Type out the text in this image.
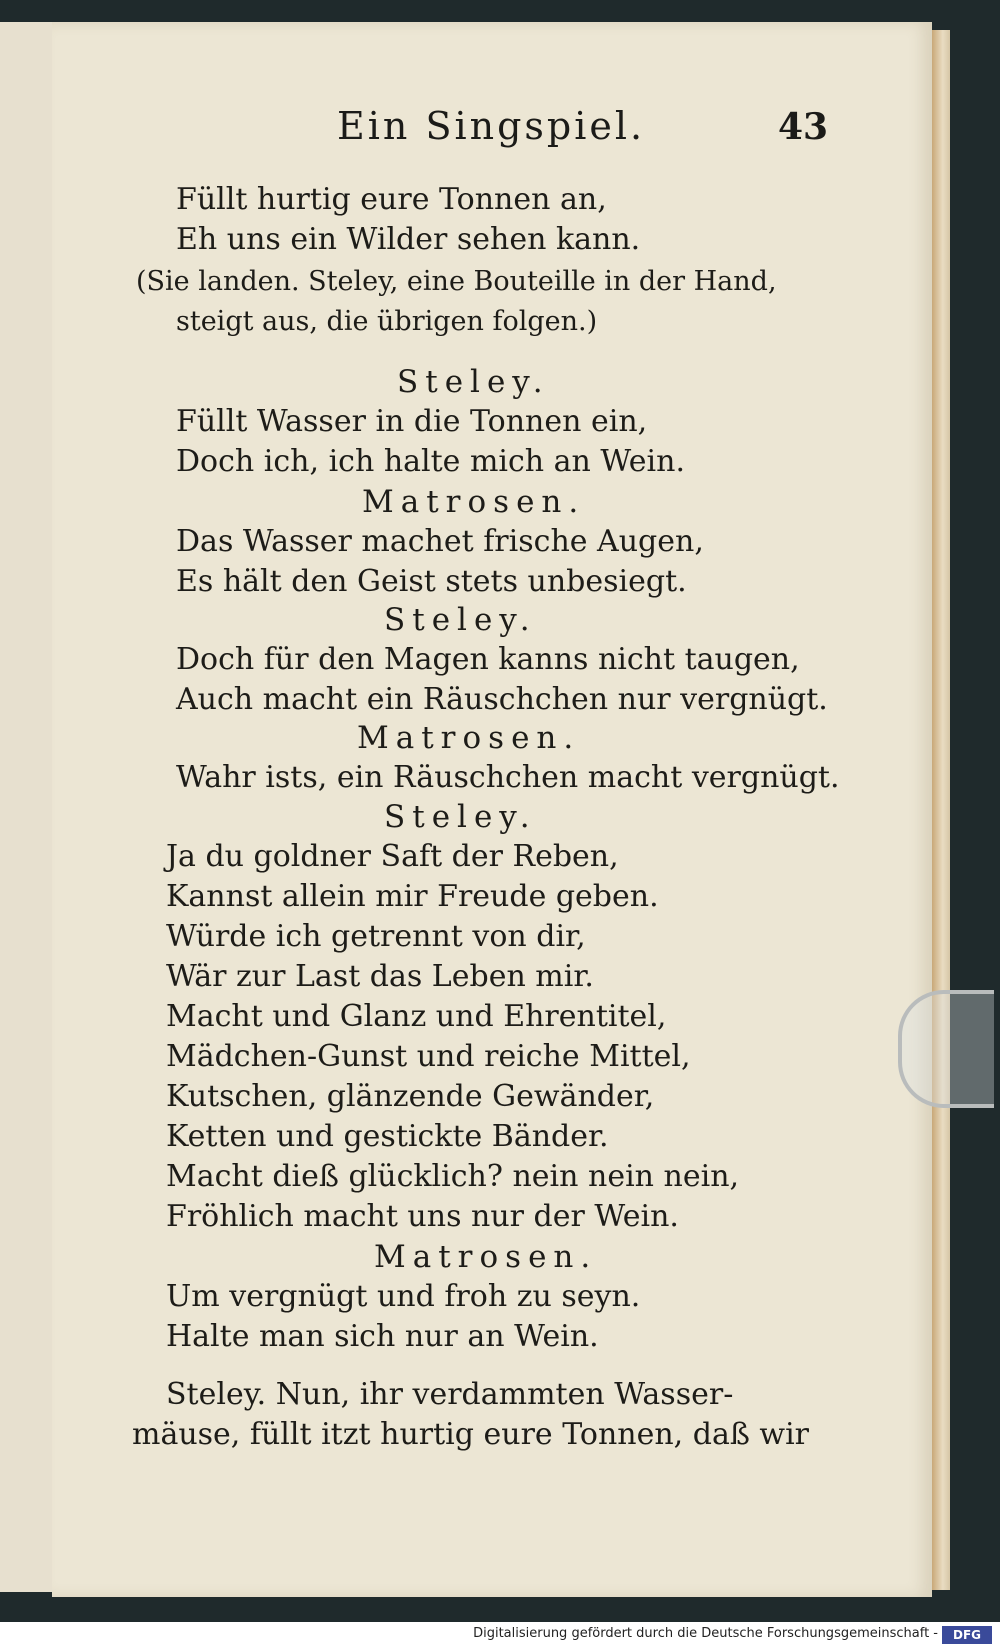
Ein Singspiel.	43
Füllt hurtig eure Tonnen an,
Eh uns ein Wilder sehen kann.
(Sie landen. Steley, eine Bouteille in der Hand,
steigt aus, die übrigen folgen.)
Steley.
Füllt Wasser in die Tonnen ein,
Doch ich, ich halte mich an Wein.
Matrosen.
Das Wasser machet frische Augen,
Es hält den Geist stets unbesiegt.
Steley.
Doch für den Magen kanns nicht taugen,
Auch macht ein Räuschchen nur vergnügt.
Matrosen.
Wahr ists, ein Räuschchen macht vergnügt.
Steley.
Ja du goldner Saft der Reben,
Kannst allein mir Freude geben.
Würde ich getrennt von dir,
Wär zur Last das Leben mir.
Macht und Glanz und Ehrentitel,
Mädchen-Gunst und reiche Mittel,
Kutschen, glänzende Gewänder,
Ketten und gestickte Bänder.
Macht dieß glücklich? nein nein nein,
Fröhlich macht uns nur der Wein.
Matrosen.
Um vergnügt und froh zu seyn.
Halte man sich nur an Wein.
Steley. Nun, ihr verdammten Wasser-
mäuse, füllt itzt hurtig eure Tonnen, daß wir
Digitalisierung gefördert durch die Deutsche Forschungsgemeinschaft -	DFG
